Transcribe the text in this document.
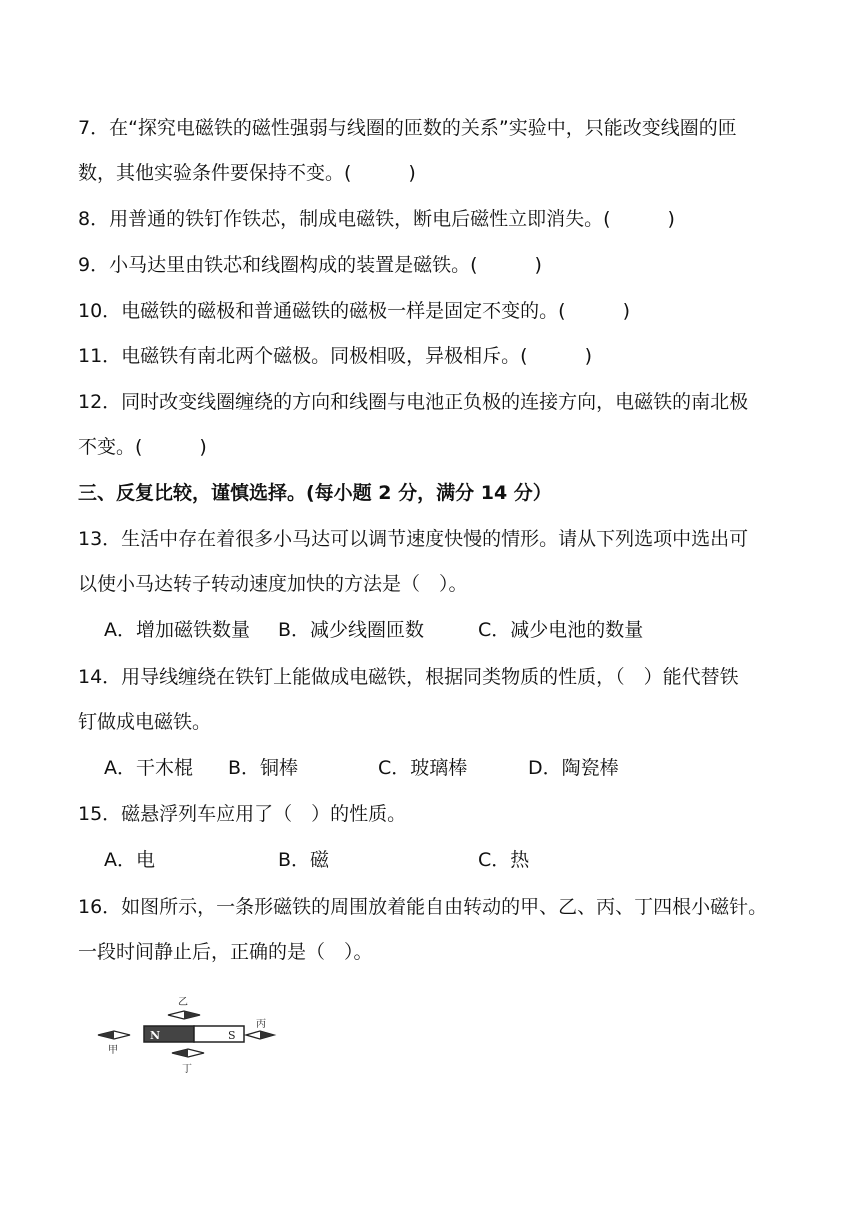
7．在“探究电磁铁的磁性强弱与线圈的匝数的关系”实验中，只能改变线圈的匝
数，其他实验条件要保持不变。(　　　)
8．用普通的铁钉作铁芯，制成电磁铁，断电后磁性立即消失。(　　　)
9．小马达里由铁芯和线圈构成的装置是磁铁。(　　　)
10．电磁铁的磁极和普通磁铁的磁极一样是固定不变的。(　　　)
11．电磁铁有南北两个磁极。同极相吸，异极相斥。(　　　)
12．同时改变线圈缠绕的方向和线圈与电池正负极的连接方向，电磁铁的南北极
不变。(　　　)
三、反复比较，谨慎选择。(每小题 2 分，满分 14 分）
13．生活中存在着很多小马达可以调节速度快慢的情形。请从下列选项中选出可
以使小马达转子转动速度加快的方法是（　）。
A．增加磁铁数量 B．减少线圈匝数	C．减少电池的数量
14．用导线缠绕在铁钉上能做成电磁铁，根据同类物质的性质，（　）能代替铁
钉做成电磁铁。
A．干木棍 B．铜棒	C．玻璃棒	D．陶瓷棒
15．磁悬浮列车应用了（　）的性质。
A．电	B．磁	C．热
16．如图所示，一条形磁铁的周围放着能自由转动的甲、乙、丙、丁四根小磁针。
一段时间静止后，正确的是（　）。
N	S
乙
甲
丙
丁
